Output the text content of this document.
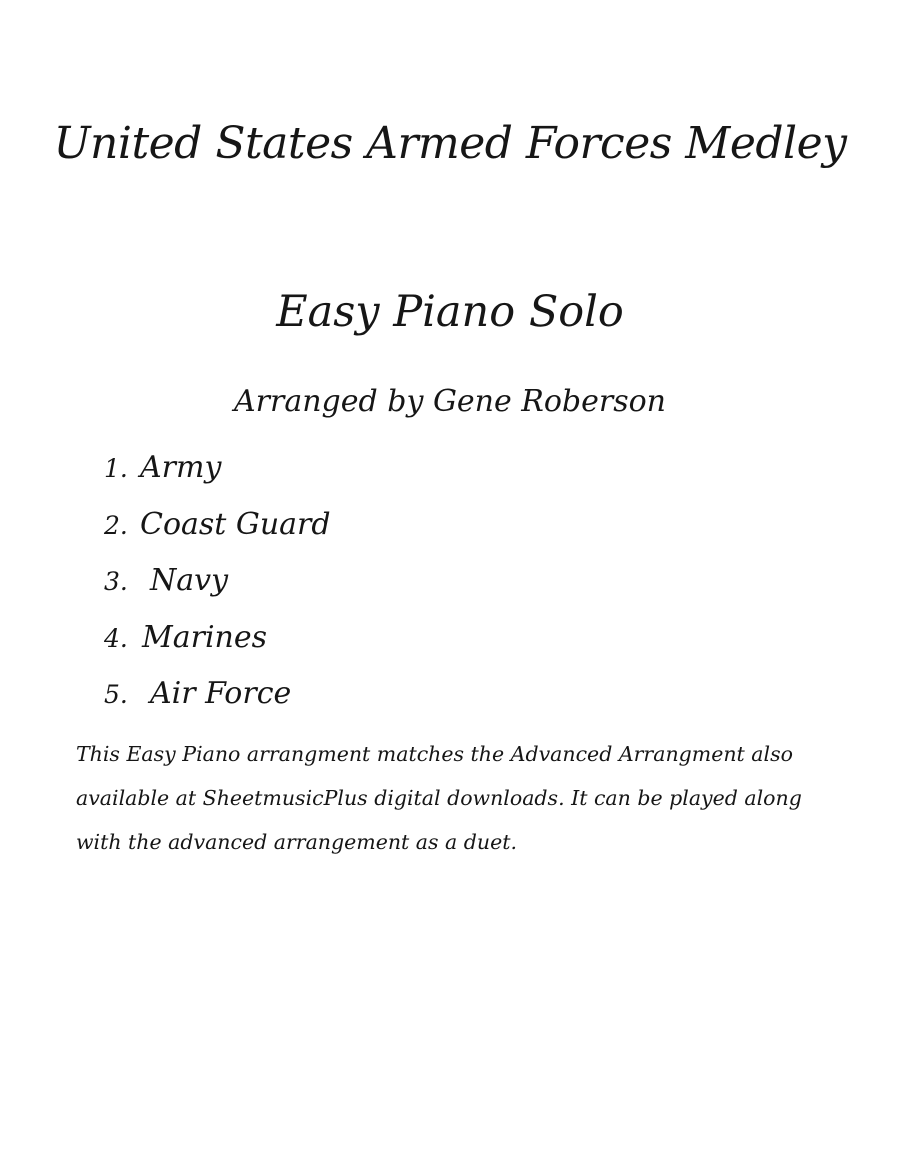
United States Armed Forces Medley
Easy Piano Solo

Arranged by Gene Roberson

1. Army
2. Coast Guard
3. Navy
4. Marines
5. Air Force

This Easy Piano arrangment matches the Advanced Arrangment also
available at SheetmusicPlus digital downloads. It can be played along
with the advanced arrangement as a duet.
